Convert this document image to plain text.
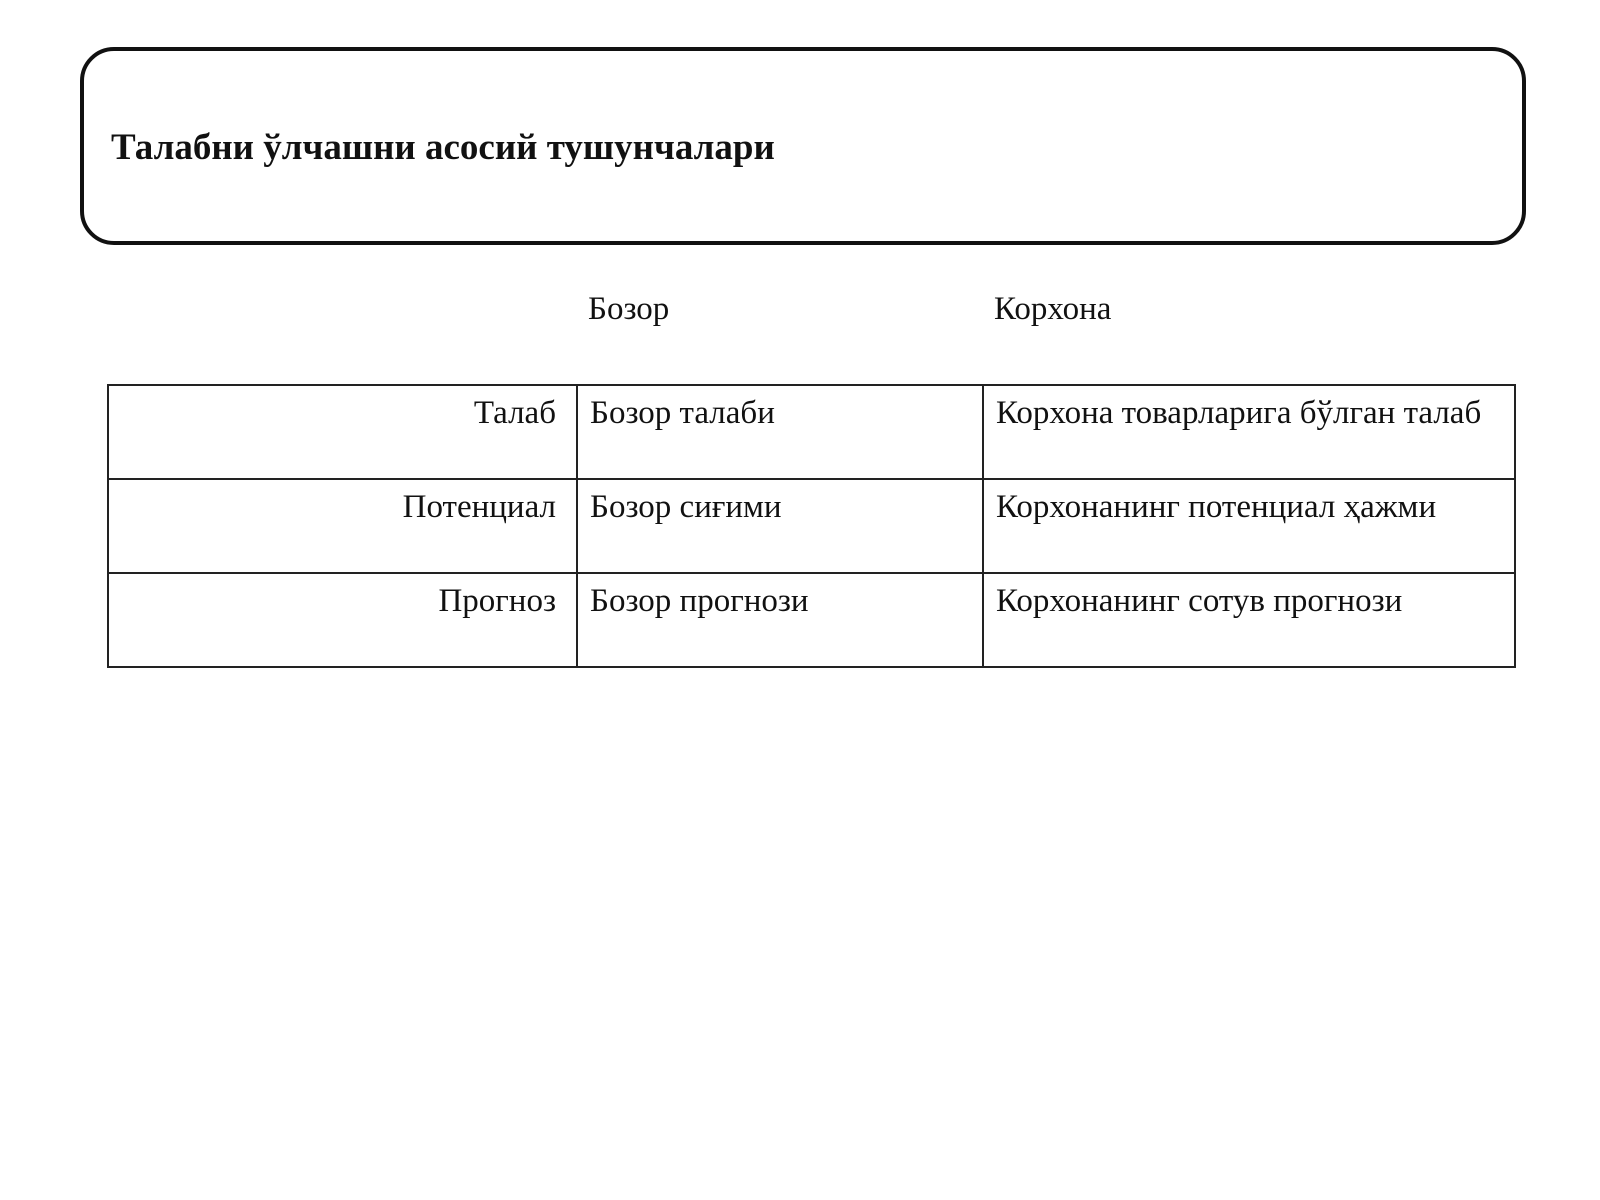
Талабни ўлчашни асосий тушунчалари
Бозор	Корхона
Талаб	Бозор талаби	Корхона товарларига бўлган талаб
Потенциал	Бозор сиғими	Корхонанинг потенциал ҳажми
Прогноз	Бозор прогнози	Корхонанинг сотув прогнози
